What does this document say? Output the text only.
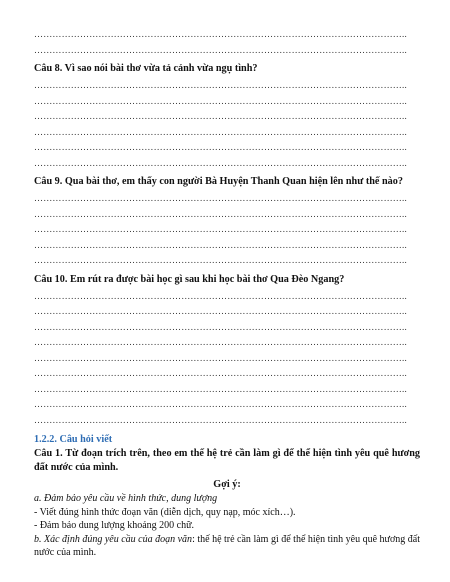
…………………………………………………………………………………………………………..
…………………………………………………………………………………………………………..
Câu 8. Vì sao nói bài thơ vừa tả cảnh vừa ngụ tình?
…………………………………………………………………………………………………………..
…………………………………………………………………………………………………………..
…………………………………………………………………………………………………………..
…………………………………………………………………………………………………………..
…………………………………………………………………………………………………………..
…………………………………………………………………………………………………………..
Câu 9. Qua bài thơ, em thấy con người Bà Huyện Thanh Quan hiện lên như thế nào?
…………………………………………………………………………………………………………..
…………………………………………………………………………………………………………..
…………………………………………………………………………………………………………..
…………………………………………………………………………………………………………..
…………………………………………………………………………………………………………..
Câu 10. Em rút ra được bài học gì sau khi học bài thơ Qua Đèo Ngang?
…………………………………………………………………………………………………………..
…………………………………………………………………………………………………………..
…………………………………………………………………………………………………………..
…………………………………………………………………………………………………………..
…………………………………………………………………………………………………………..
…………………………………………………………………………………………………………..
…………………………………………………………………………………………………………..
…………………………………………………………………………………………………………..
…………………………………………………………………………………………………………..
1.2.2. Câu hỏi viết
Câu 1. Từ đoạn trích trên, theo em thế hệ trẻ cần làm gì để thể hiện tình yêu quê hương đất nước của mình.
Gợi ý:
a. Đảm bảo yêu cầu về hình thức, dung lượng
- Viết đúng hình thức đoạn văn (diễn dịch, quy nạp, móc xích…).
- Đảm bảo dung lượng khoảng 200 chữ.
b. Xác định đúng yêu cầu của đoạn văn: thế hệ trẻ cần làm gì để thể hiện tình yêu quê hương đất nước của mình.
